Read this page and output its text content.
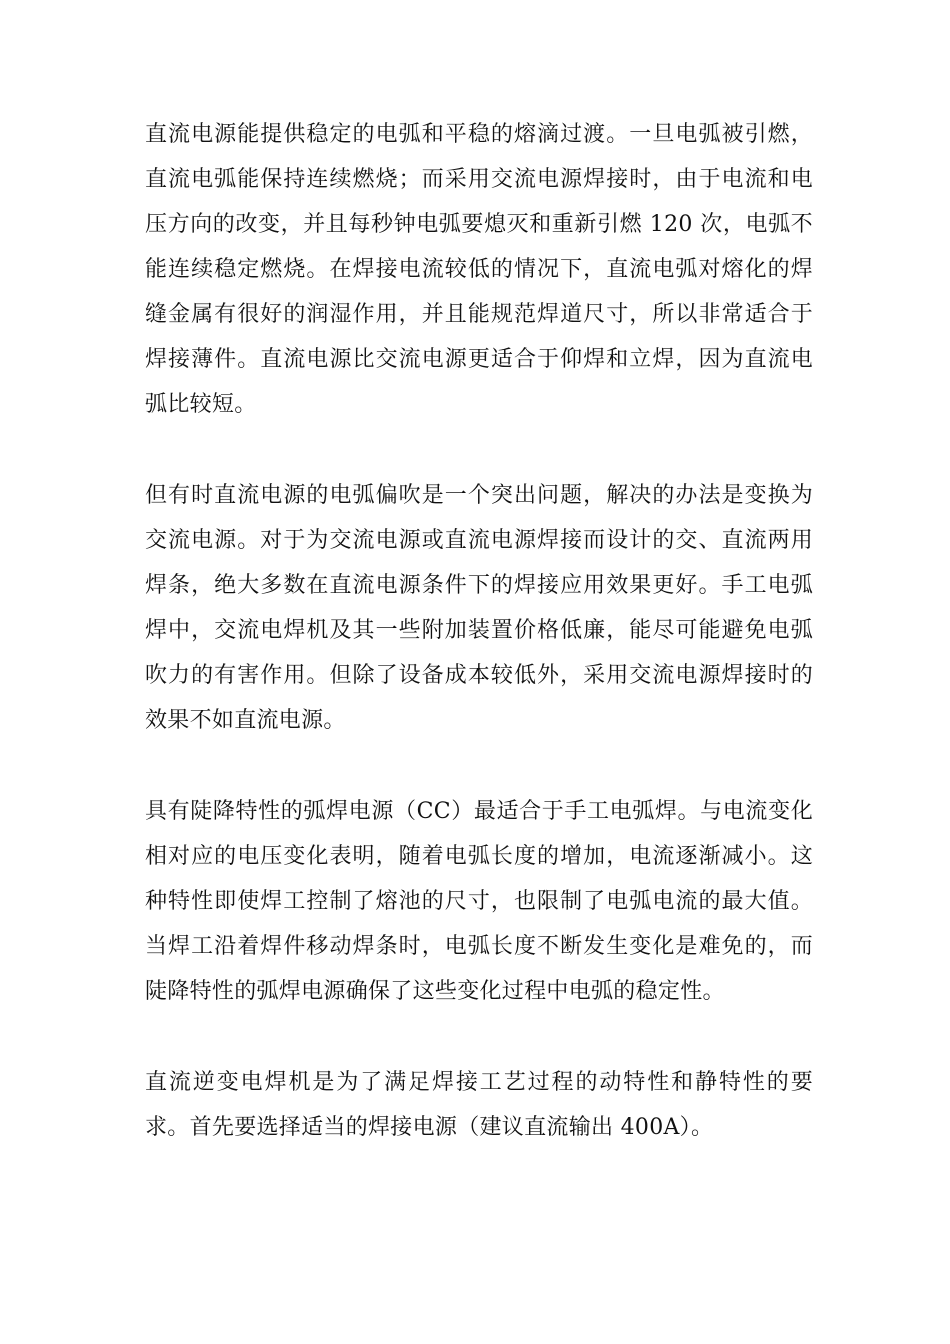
直流电源能提供稳定的电弧和平稳的熔滴过渡。一旦电弧被引燃，直流电弧能保持连续燃烧；而采用交流电源焊接时，由于电流和电压方向的改变，并且每秒钟电弧要熄灭和重新引燃 120 次，电弧不能连续稳定燃烧。在焊接电流较低的情况下，直流电弧对熔化的焊缝金属有很好的润湿作用，并且能规范焊道尺寸，所以非常适合于焊接薄件。直流电源比交流电源更适合于仰焊和立焊，因为直流电弧比较短。

但有时直流电源的电弧偏吹是一个突出问题，解决的办法是变换为交流电源。对于为交流电源或直流电源焊接而设计的交、直流两用焊条，绝大多数在直流电源条件下的焊接应用效果更好。手工电弧焊中，交流电焊机及其一些附加装置价格低廉，能尽可能避免电弧吹力的有害作用。但除了设备成本较低外，采用交流电源焊接时的效果不如直流电源。

具有陡降特性的弧焊电源（CC）最适合于手工电弧焊。与电流变化相对应的电压变化表明，随着电弧长度的增加，电流逐渐减小。这种特性即使焊工控制了熔池的尺寸，也限制了电弧电流的最大值。当焊工沿着焊件移动焊条时，电弧长度不断发生变化是难免的，而陡降特性的弧焊电源确保了这些变化过程中电弧的稳定性。

直流逆变电焊机是为了满足焊接工艺过程的动特性和静特性的要求。首先要选择适当的焊接电源（建议直流输出 400A）。
